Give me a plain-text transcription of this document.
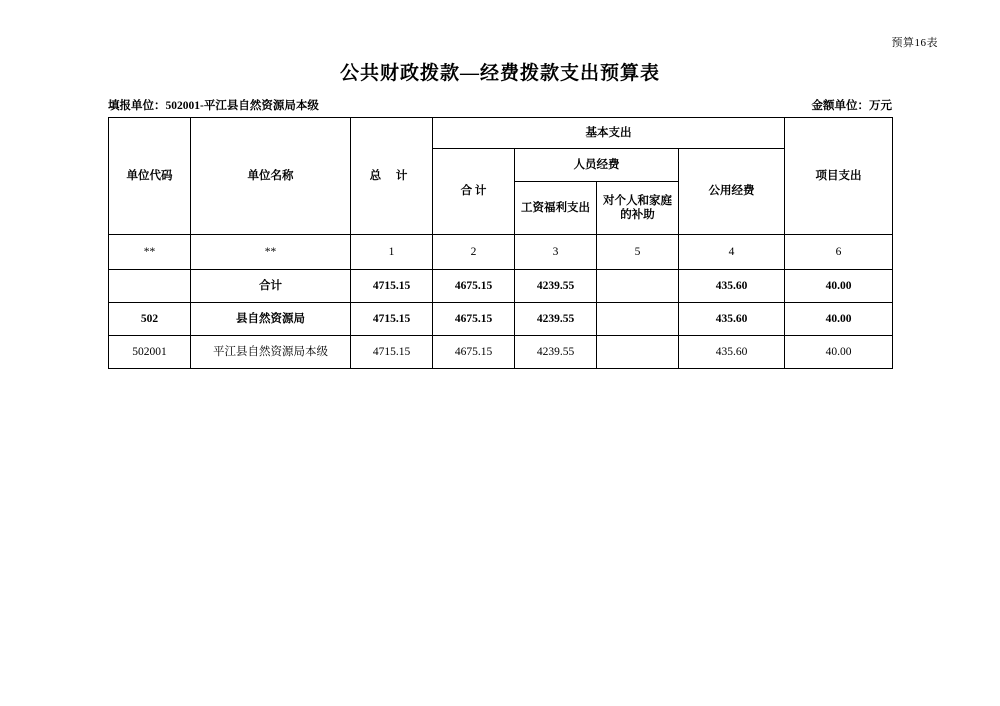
预算16表
公共财政拨款—经费拨款支出预算表
填报单位：502001-平江县自然资源局本级	金额单位：万元
单位代码	单位名称	总 计	基本支出				项目支出
			合 计	人员经费		公用经费	
				工资福利支出	对个人和家庭的补助		
**	**	1	2	3	5	4	6
	合计	4715.15	4675.15	4239.55		435.60	40.00
502	县自然资源局	4715.15	4675.15	4239.55		435.60	40.00
502001	平江县自然资源局本级	4715.15	4675.15	4239.55		435.60	40.00
